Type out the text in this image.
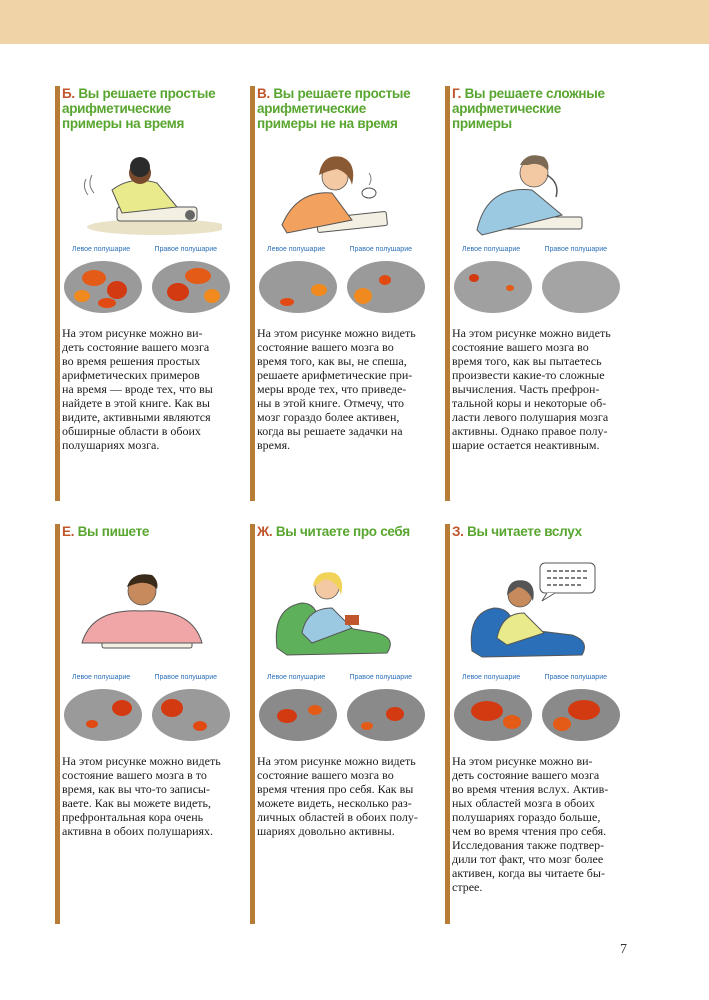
Б. Вы решаете простые
арифметические
примеры на время
Левое полушарие	Правое полушарие
На этом рисунке можно ви-
деть состояние вашего мозга
во время решения простых
арифметических примеров
на время — вроде тех, что вы
найдете в этой книге. Как вы
видите, активными являются
обширные области в обоих
полушариях мозга.
В. Вы решаете простые
арифметические
примеры не на время
Левое полушарие	Правое полушарие
На этом рисунке можно видеть
состояние вашего мозга во
время того, как вы, не спеша,
решаете арифметические при-
меры вроде тех, что приведе-
ны в этой книге. Отмечу, что
мозг гораздо более активен,
когда вы решаете задачки на
время.
Г. Вы решаете сложные
арифметические
примеры
Левое полушарие	Правое полушарие
На этом рисунке можно видеть
состояние вашего мозга во
время того, как вы пытаетесь
произвести какие-то сложные
вычисления. Часть префрон-
тальной коры и некоторые об-
ласти левого полушария мозга
активны. Однако правое полу-
шарие остается неактивным.
Е. Вы пишете
Левое полушарие	Правое полушарие
На этом рисунке можно видеть
состояние вашего мозга в то
время, как вы что-то записы-
ваете. Как вы можете видеть,
префронтальная кора очень
активна в обоих полушариях.
Ж. Вы читаете про себя
Левое полушарие	Правое полушарие
На этом рисунке можно видеть
состояние вашего мозга во
время чтения про себя. Как вы
можете видеть, несколько раз-
личных областей в обоих полу-
шариях довольно активны.
З. Вы читаете вслух
Левое полушарие	Правое полушарие
На этом рисунке можно ви-
деть состояние вашего мозга
во время чтения вслух. Актив-
ных областей мозга в обоих
полушариях гораздо больше,
чем во время чтения про себя.
Исследования также подтвер-
дили тот факт, что мозг более
активен, когда вы читаете бы-
стрее.
7
